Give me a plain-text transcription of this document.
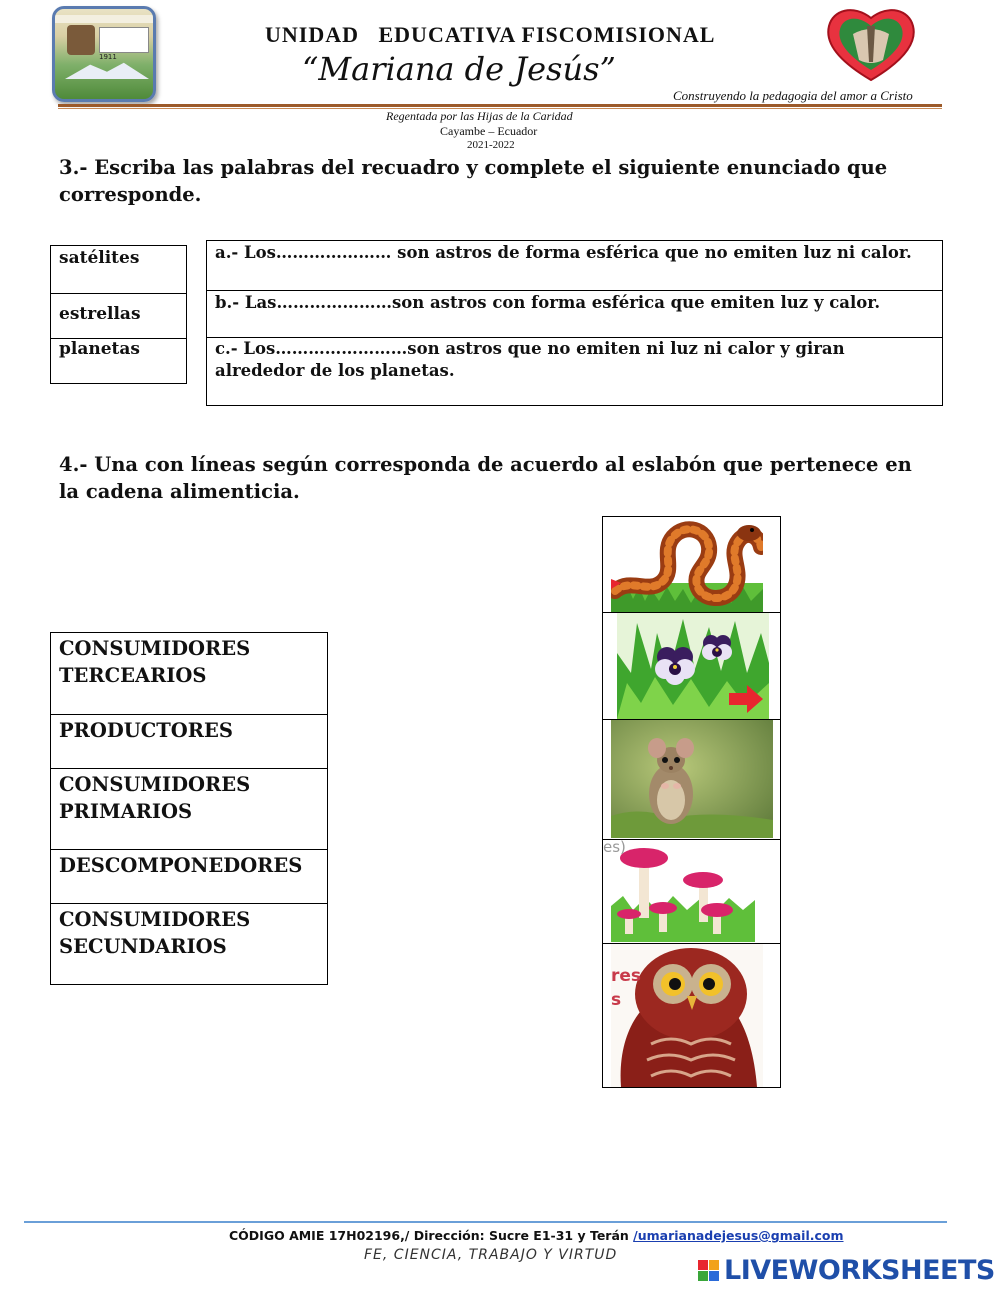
1911
UNIDAD   EDUCATIVA FISCOMISIONAL
“Mariana de Jesús”
Construyendo la pedagogia del amor a Cristo
Regentada por las Hijas de la Caridad
Cayambe – Ecuador
2021-2022
3.- Escriba las palabras del recuadro y complete el siguiente enunciado que corresponde.
satélites
estrellas
planetas
a.- Los………………… son astros de forma esférica que no emiten luz ni calor.
b.- Las…………………son astros con forma esférica que emiten luz y calor.
c.- Los……………………son astros que no emiten ni luz ni calor y giran alrededor de los planetas.
4.- Una con líneas según corresponda de acuerdo al eslabón que pertenece en la cadena alimenticia.
CONSUMIDORES TERCEARIOS
PRODUCTORES
CONSUMIDORES PRIMARIOS
DESCOMPONEDORES
CONSUMIDORES SECUNDARIOS
es)
res
s
CÓDIGO AMIE 17H02196,/ Dirección: Sucre E1-31 y Terán /umarianadejesus@gmail.com
FE, CIENCIA, TRABAJO Y VIRTUD	LIVEWORKSHEETS
